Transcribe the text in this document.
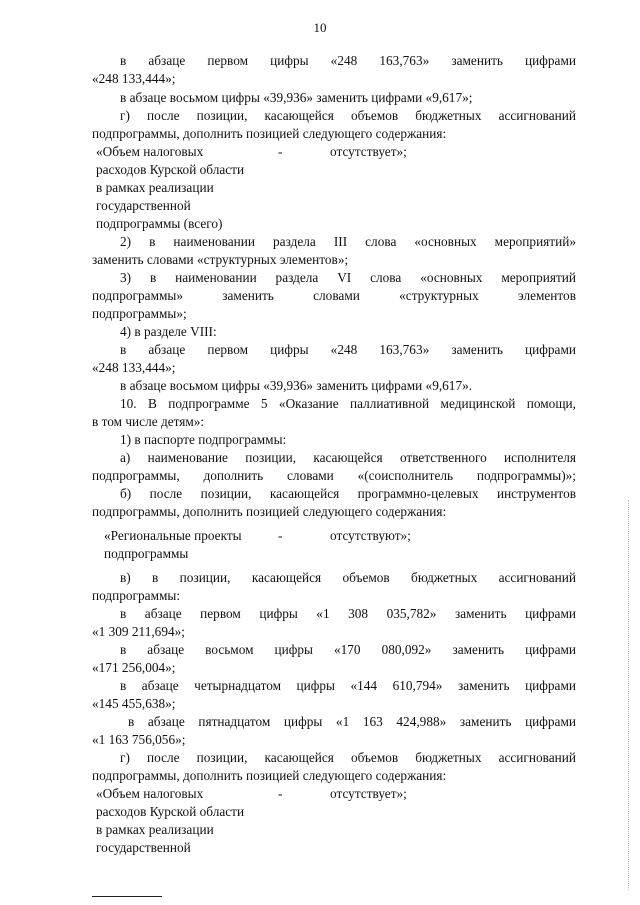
10
в абзаце первом цифры «248 163,763» заменить цифрами
«248 133,444»;
в абзаце восьмом цифры «39,936» заменить цифрами «9,617»;
г) после позиции, касающейся объемов бюджетных ассигнований
подпрограммы, дополнить позицией следующего содержания:
«Объем налоговых	-	отсутствует»;
расходов Курской области
в рамках реализации
государственной
подпрограммы (всего)
2) в наименовании раздела III слова «основных мероприятий»
заменить словами «структурных элементов»;
3) в наименовании раздела VI слова «основных мероприятий
подпрограммы» заменить словами «структурных элементов
подпрограммы»;
4) в разделе VIII:
в абзаце первом цифры «248 163,763» заменить цифрами
«248 133,444»;
в абзаце восьмом цифры «39,936» заменить цифрами «9,617».
10. В подпрограмме 5 «Оказание паллиативной медицинской помощи,
в том числе детям»:
1) в паспорте подпрограммы:
а) наименование позиции, касающейся ответственного исполнителя
подпрограммы, дополнить словами «(соисполнитель подпрограммы)»;
б) после позиции, касающейся программно-целевых инструментов
подпрограммы, дополнить позицией следующего содержания:
«Региональные проекты	-	отсутствуют»;
подпрограммы
в) в позиции, касающейся объемов бюджетных ассигнований
подпрограммы:
в абзаце первом цифры «1 308 035,782» заменить цифрами
«1 309 211,694»;
в абзаце восьмом цифры «170 080,092» заменить цифрами
«171 256,004»;
в абзаце четырнадцатом цифры «144 610,794» заменить цифрами
«145 455,638»;
в абзаце пятнадцатом цифры «1 163 424,988» заменить цифрами
«1 163 756,056»;
г) после позиции, касающейся объемов бюджетных ассигнований
подпрограммы, дополнить позицией следующего содержания:
«Объем налоговых	-	отсутствует»;
расходов Курской области
в рамках реализации
государственной
